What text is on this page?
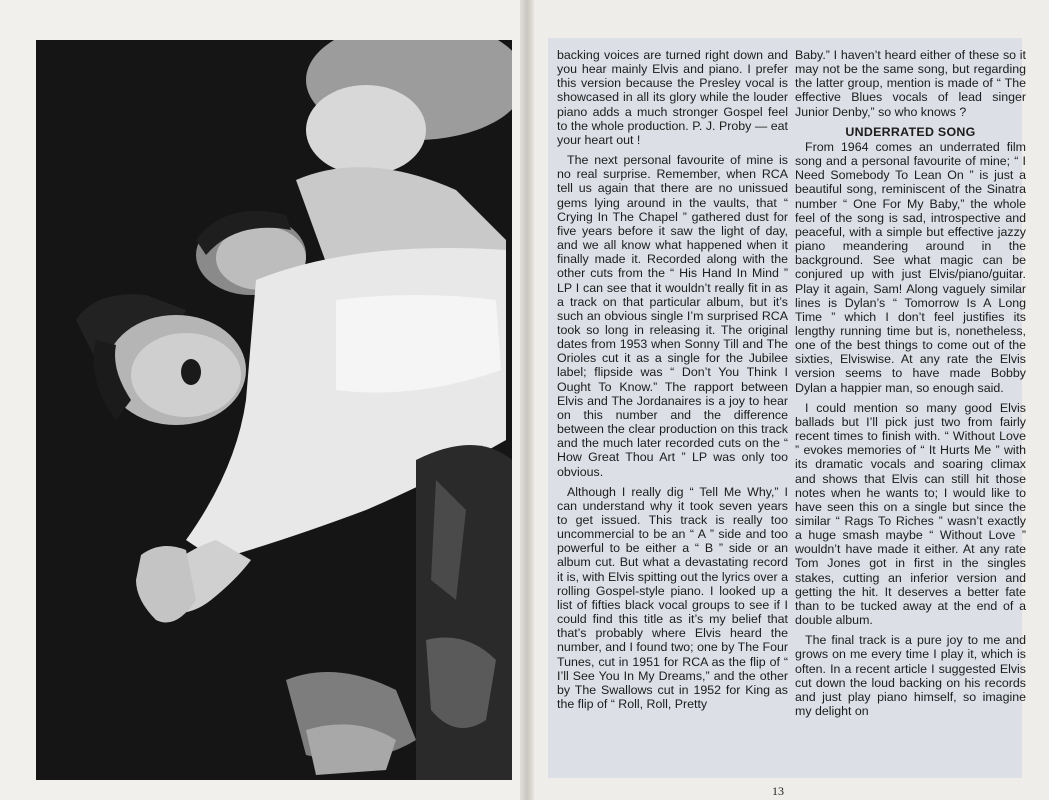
backing voices are turned right down and you hear mainly Elvis and piano. I prefer this version because the Presley vocal is showcased in all its glory while the louder piano adds a much stronger Gospel feel to the whole production. P. J. Proby — eat your heart out !

The next personal favourite of mine is no real surprise. Remember, when RCA tell us again that there are no unissued gems lying around in the vaults, that “ Crying In The Chapel ” gathered dust for five years before it saw the light of day, and we all know what happened when it finally made it. Recorded along with the other cuts from the “ His Hand In Mind ” LP I can see that it wouldn’t really fit in as a track on that particular album, but it’s such an obvious single I’m surprised RCA took so long in releasing it. The original dates from 1953 when Sonny Till and The Orioles cut it as a single for the Jubilee label; flipside was “ Don’t You Think I Ought To Know.” The rapport between Elvis and The Jordanaires is a joy to hear on this number and the difference between the clear production on this track and the much later recorded cuts on the “ How Great Thou Art ” LP was only too obvious.

Although I really dig “ Tell Me Why,” I can understand why it took seven years to get issued. This track is really too uncommercial to be an “ A ” side and too powerful to be either a “ B ” side or an album cut. But what a devastating record it is, with Elvis spitting out the lyrics over a rolling Gospel-style piano. I looked up a list of fifties black vocal groups to see if I could find this title as it’s my belief that that’s probably where Elvis heard the number, and I found two; one by The Four Tunes, cut in 1951 for RCA as the flip of “ I’ll See You In My Dreams,” and the other by The Swallows cut in 1952 for King as the flip of “ Roll, Roll, Pretty

Baby.” I haven’t heard either of these so it may not be the same song, but regarding the latter group, mention is made of “ The effective Blues vocals of lead singer Junior Denby,” so who knows ?

UNDERRATED SONG

From 1964 comes an underrated film song and a personal favourite of mine; “ I Need Somebody To Lean On ” is just a beautiful song, reminiscent of the Sinatra number “ One For My Baby,” the whole feel of the song is sad, introspective and peaceful, with a simple but effective jazzy piano meandering around in the background. See what magic can be conjured up with just Elvis/piano/guitar. Play it again, Sam! Along vaguely similar lines is Dylan’s “ Tomorrow Is A Long Time ” which I don’t feel justifies its lengthy running time but is, nonetheless, one of the best things to come out of the sixties, Elviswise. At any rate the Elvis version seems to have made Bobby Dylan a happier man, so enough said.

I could mention so many good Elvis ballads but I’ll pick just two from fairly recent times to finish with. “ Without Love ” evokes memories of “ It Hurts Me ” with its dramatic vocals and soaring climax and shows that Elvis can still hit those notes when he wants to; I would like to have seen this on a single but since the similar “ Rags To Riches ” wasn’t exactly a huge smash maybe “ Without Love ” wouldn’t have made it either. At any rate Tom Jones got in first in the singles stakes, cutting an inferior version and getting the hit. It deserves a better fate than to be tucked away at the end of a double album.

The final track is a pure joy to me and grows on me every time I play it, which is often. In a recent article I suggested Elvis cut down the loud backing on his records and just play piano himself, so imagine my delight on

13
